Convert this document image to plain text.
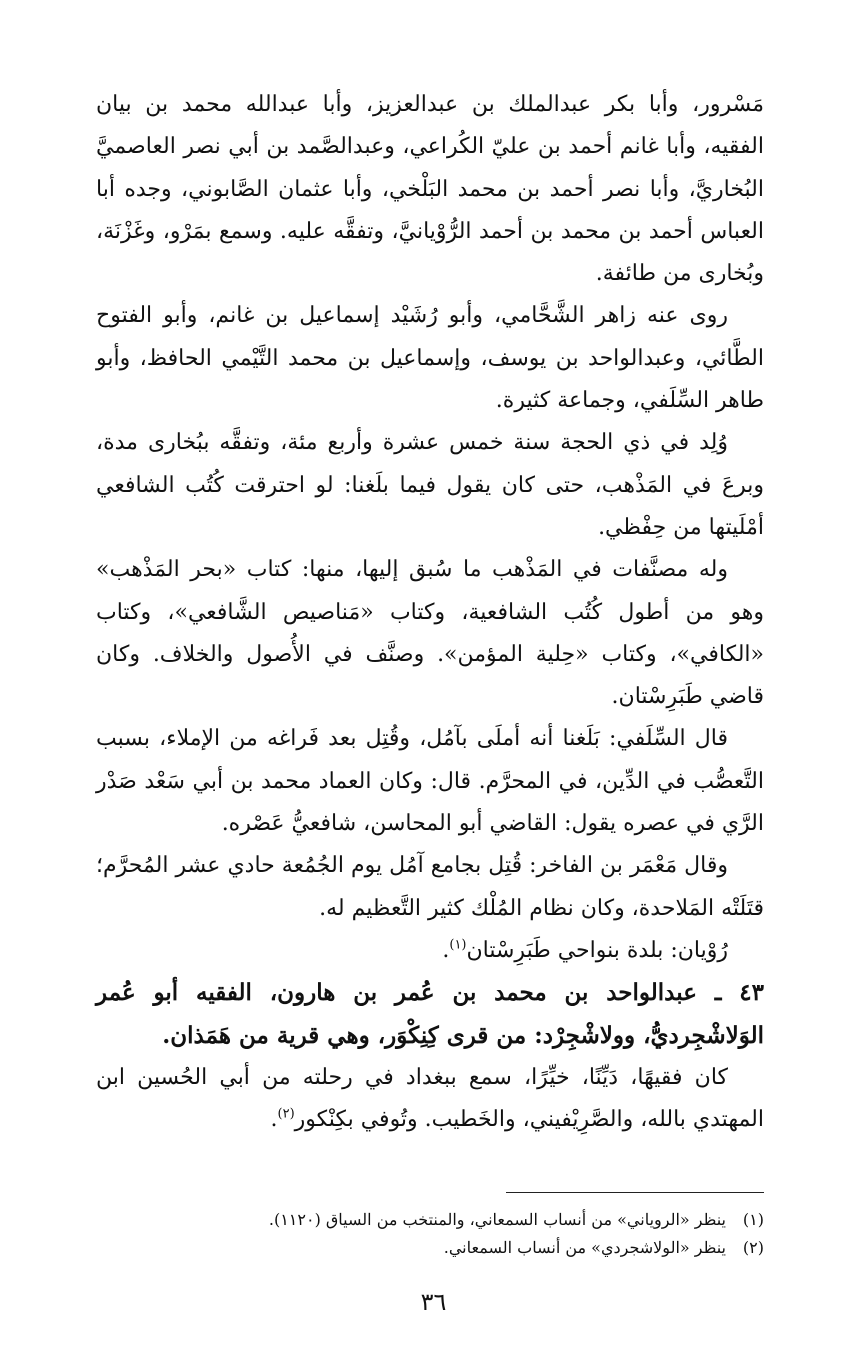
مَسْرور، وأبا بكر عبدالملك بن عبدالعزيز، وأبا عبدالله محمد بن بيان الفقيه، وأبا غانم أحمد بن عليّ الكُراعي، وعبدالصَّمد بن أبي نصر العاصميَّ البُخاريَّ، وأبا نصر أحمد بن محمد البَلْخي، وأبا عثمان الصَّابوني، وجده أبا العباس أحمد بن محمد بن أحمد الرُّوْيانيَّ، وتفقَّه عليه. وسمع بمَرْو، وغَزْنَة، وبُخارى من طائفة.

روى عنه زاهر الشَّحَّامي، وأبو رُشَيْد إسماعيل بن غانم، وأبو الفتوح الطَّائي، وعبدالواحد بن يوسف، وإسماعيل بن محمد التَّيْمي الحافظ، وأبو طاهر السِّلَفي، وجماعة كثيرة.

وُلِد في ذي الحجة سنة خمس عشرة وأربع مئة، وتفقَّه ببُخارى مدة، وبرعَ في المَذْهب، حتى كان يقول فيما بلَغنا: لو احترقت كُتُب الشافعي أمْلَيتها من حِفْظي.

وله مصنَّفات في المَذْهب ما سُبق إليها، منها: كتاب «بحر المَذْهب» وهو من أطول كُتُب الشافعية، وكتاب «مَناصيص الشَّافعي»، وكتاب «الكافي»، وكتاب «حِلية المؤمن». وصنَّف في الأُصول والخلاف. وكان قاضي طَبَرِسْتان.

قال السِّلَفي: بَلَغنا أنه أملَى بآمُل، وقُتِل بعد فَراغه من الإملاء، بسبب التَّعصُّب في الدِّين، في المحرَّم. قال: وكان العماد محمد بن أبي سَعْد صَدْر الرَّي في عصره يقول: القاضي أبو المحاسن، شافعيُّ عَصْره.

وقال مَعْمَر بن الفاخر: قُتِل بجامع آمُل يوم الجُمُعة حادي عشر المُحرَّم؛ قتَلَتْه المَلاحدة، وكان نظام المُلْك كثير التَّعظيم له.

رُوْيان: بلدة بنواحي طَبَرِسْتان$^{(١)}$.

٤٣ ـ عبدالواحد بن محمد بن عُمر بن هارون، الفقيه أبو عُمر الوَلاشْجِرديُّ، وولاشْجِرْد: من قرى كِنِكْوَر، وهي قرية من هَمَذان.

كان فقيهًا، دَيِّنًا، خيِّرًا، سمع ببغداد في رحلته من أبي الحُسين ابن المهتدي بالله، والصَّرِيْفيني، والخَطيب. وتُوفي بكِنْكور$^{(٢)}$.

(١)ينظر «الروياني» من أنساب السمعاني، والمنتخب من السياق (١١٢٠).

(٢)ينظر «الولاشجردي» من أنساب السمعاني.

٣٦
